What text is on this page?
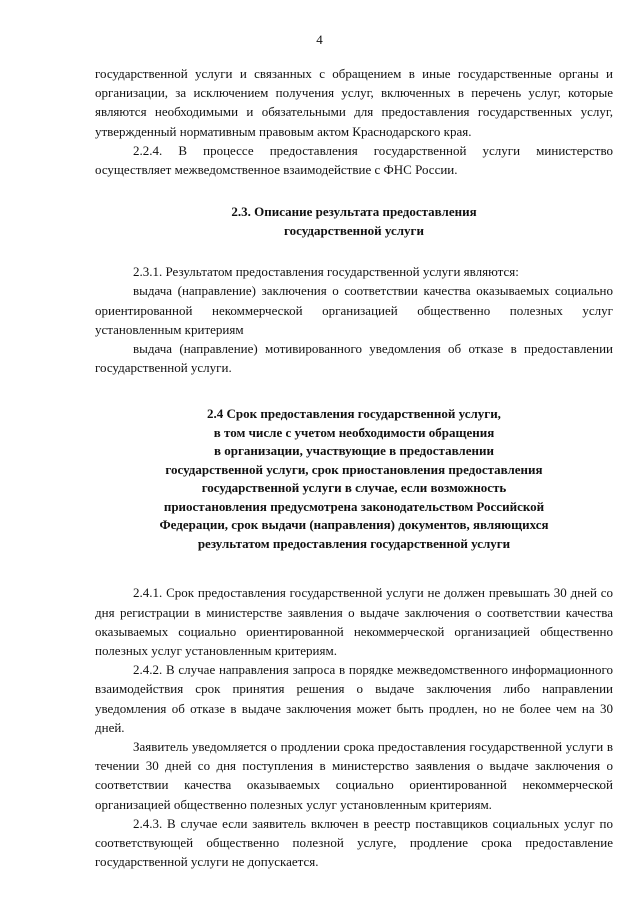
4

государственной услуги и связанных с обращением в иные государственные органы и организации, за исключением получения услуг, включенных в перечень услуг, которые являются необходимыми и обязательными для предоставления государственных услуг, утвержденный нормативным правовым актом Краснодарского края.

2.2.4. В процессе предоставления государственной услуги министерство осуществляет межведомственное взаимодействие с ФНС России.

2.3. Описание результата предоставления
государственной услуги

2.3.1. Результатом предоставления государственной услуги являются:

выдача (направление) заключения о соответствии качества оказываемых социально ориентированной некоммерческой организацией общественно полезных услуг установленным критериям

выдача (направление) мотивированного уведомления об отказе в предоставлении государственной услуги.

2.4 Срок предоставления государственной услуги,
в том числе с учетом необходимости обращения
в организации, участвующие в предоставлении
государственной услуги, срок приостановления предоставления
государственной услуги в случае, если возможность
приостановления предусмотрена законодательством Российской
Федерации, срок выдачи (направления) документов, являющихся
результатом предоставления государственной услуги

2.4.1. Срок предоставления государственной услуги не должен превышать 30 дней со дня регистрации в министерстве заявления о выдаче заключения о соответствии качества оказываемых социально ориентированной некоммерческой организацией общественно полезных услуг установленным критериям.

2.4.2. В случае направления запроса в порядке межведомственного информационного взаимодействия срок принятия решения о выдаче заключения либо направлении уведомления об отказе в выдаче заключения может быть продлен, но не более чем на 30 дней.

Заявитель уведомляется о продлении срока предоставления государственной услуги в течении 30 дней со дня поступления в министерство заявления о выдаче заключения о соответствии качества оказываемых социально ориентированной некоммерческой организацией общественно полезных услуг установленным критериям.

2.4.3. В случае если заявитель включен в реестр поставщиков социальных услуг по соответствующей общественно полезной услуге, продление срока предоставление государственной услуги не допускается.
